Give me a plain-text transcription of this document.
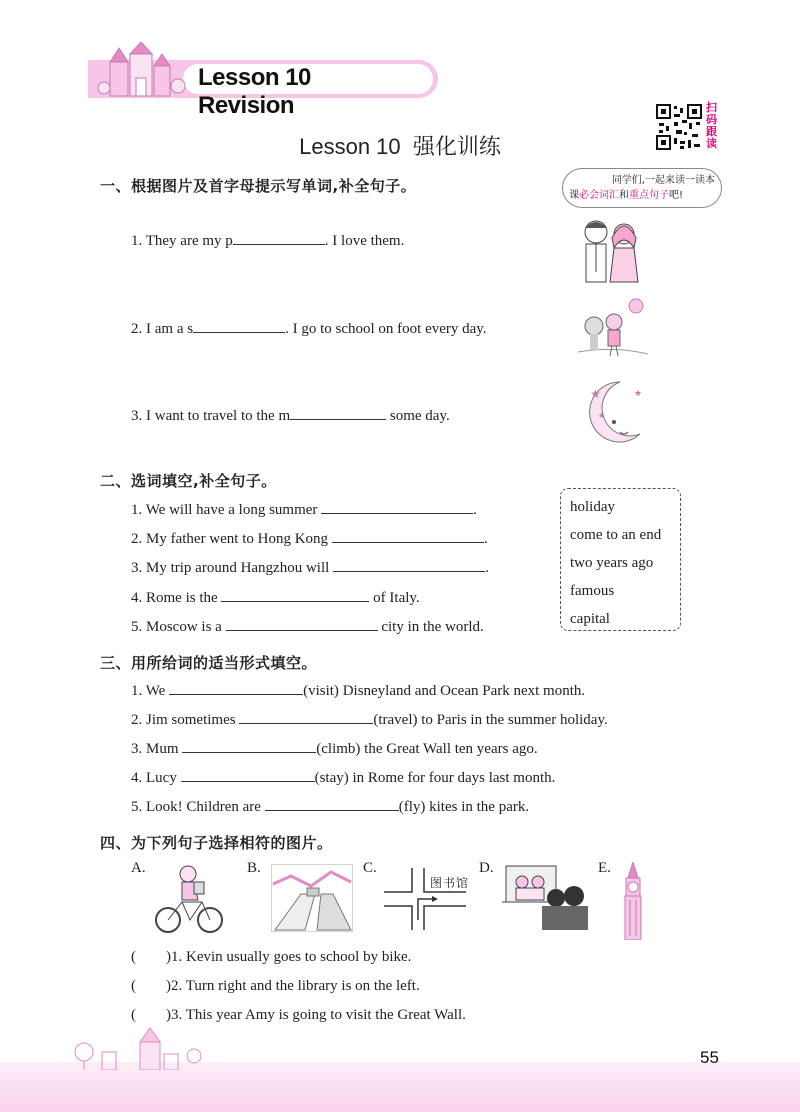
Lesson 10  Revision
Lesson 10  强化训练
扫码跟读
同学们,一起来读一读本
课必会词汇和重点句子吧!
一、根据图片及首字母提示写单词,补全句子。
1. They are my p	. I love them.
2. I am a s	. I go to school on foot every day.
3. I want to travel to the m	some day.
★	★
★
二、选词填空,补全句子。
1. We will have a long summer	.
2. My father went to Hong Kong	.
3. My trip around Hangzhou will	.
4. Rome is the	of Italy.
5. Moscow is a	city in the world.
holiday
come to an end
two years ago
famous
capital
三、用所给词的适当形式填空。
1. We	(visit) Disneyland and Ocean Park next month.
2. Jim sometimes	(travel) to Paris in the summer holiday.
3. Mum	(climb) the Great Wall ten years ago.
4. Lucy	(stay) in Rome for four days last month.
5. Look! Children are	(fly) kites in the park.
四、为下列句子选择相符的图片。
A.	B.	C.	D.	E.
图书馆
(        )1. Kevin usually goes to school by bike.
(        )2. Turn right and the library is on the left.
(        )3. This year Amy is going to visit the Great Wall.
55
